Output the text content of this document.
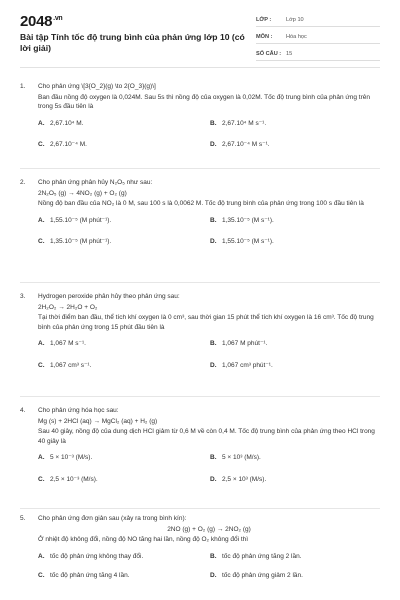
$2048^{.vn}$
Bài tập Tính tốc độ trung bình của phản ứng lớp 10 (có lời giải)
LỚP :	Lớp 10
MÔN :	Hóa học
SỐ CÂU : 15
1.	Cho phản ứng \[3{O_2}(g) \to 2{O_3}(g)\]
Ban đầu nồng độ oxygen là 0,024M. Sau 5s thì nồng độ của oxygen là 0,02M. Tốc độ trung bình của phản ứng trên trong 5s đầu tiên là
A. 2,67.10⁴ M.	B. 2,67.10⁴ M s⁻¹.
C. 2,67.10⁻⁴ M.	D. 2,67.10⁻⁴ M s⁻¹.
2.	Cho phản ứng phân hủy N₂O₅ như sau:
2N₂O₅ (g) → 4NO₂ (g) + O₂ (g)
Nồng độ ban đầu của NO₂ là 0 M, sau 100 s là 0,0062 M. Tốc độ trung bình của phản ứng trong 100 s đầu tiên là
A. 1,55.10⁻⁵ (M phút⁻¹).	B. 1,35.10⁻⁵ (M s⁻¹).
C. 1,35.10⁻⁵ (M phút⁻¹).	D. 1,55.10⁻⁵ (M s⁻¹).
3.	Hydrogen peroxide phân hủy theo phản ứng sau:
2H₂O₂ → 2H₂O + O₂
Tại thời điểm ban đầu, thể tích khí oxygen là 0 cm³, sau thời gian 15 phút thể tích khí oxygen là 16 cm³. Tốc độ trung bình của phản ứng trong 15 phút đầu tiên là
A. 1,067 M s⁻¹.	B. 1,067 M phút⁻¹.
C. 1,067 cm³ s⁻¹.	D. 1,067 cm³ phút⁻¹.
4.	Cho phản ứng hóa học sau:
Mg (s) + 2HCl (aq) → MgCl₂ (aq) + H₂ (g)
Sau 40 giây, nồng độ của dung dịch HCl giảm từ 0,6 M về còn 0,4 M. Tốc độ trung bình của phản ứng theo HCl trong 40 giây là
A. 5 × 10⁻³ (M/s).	B. 5 × 10³ (M/s).
C. 2,5 × 10⁻³ (M/s).	D. 2,5 × 10³ (M/s).
5.	Cho phản ứng đơn giản sau (xảy ra trong bình kín):
2NO (g) + O₂ (g) → 2NO₂ (g)
Ở nhiệt độ không đổi, nồng độ NO tăng hai lần, nồng độ O₂ không đổi thì
A. tốc độ phản ứng không thay đổi.	B. tốc độ phản ứng tăng 2 lần.
C. tốc độ phản ứng tăng 4 lần.	D. tốc độ phản ứng giảm 2 lần.
